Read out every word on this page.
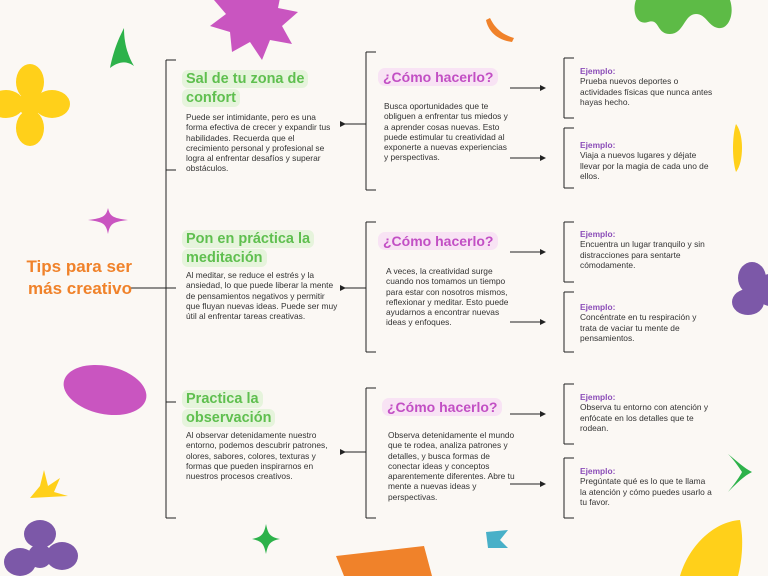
Tips para ser más creativo
Sal de tu zona de confort
Puede ser intimidante, pero es una forma efectiva de crecer y expandir tus habilidades. Recuerda que el crecimiento personal y profesional se logra al enfrentar desafíos y superar obstáculos.
Pon en práctica la meditación
Al meditar, se reduce el estrés y la ansiedad, lo que puede liberar la mente de pensamientos negativos y permitir que fluyan nuevas ideas. Puede ser muy útil al enfrentar tareas creativas.
Practica la observación
Al observar detenidamente nuestro entorno, podemos descubrir patrones, olores, sabores, colores, texturas y formas que pueden inspirarnos en nuestros procesos creativos.
¿Cómo hacerlo?
Busca oportunidades que te obliguen a enfrentar tus miedos y a aprender cosas nuevas. Esto puede estimular tu creatividad al exponerte a nuevas experiencias y perspectivas.
¿Cómo hacerlo?
A veces, la creatividad surge cuando nos tomamos un tiempo para estar con nosotros mismos, reflexionar y meditar. Esto puede ayudarnos a encontrar nuevas ideas y enfoques.
¿Cómo hacerlo?
Observa detenidamente el mundo que te rodea, analiza patrones y detalles, y busca formas de conectar ideas y conceptos aparentemente diferentes. Abre tu mente a nuevas ideas y perspectivas.
Ejemplo:
Prueba nuevos deportes o actividades físicas que nunca antes hayas hecho.
Ejemplo:
Viaja a nuevos lugares y déjate llevar por la magia de cada uno de ellos.
Ejemplo:
Encuentra un lugar tranquilo y sin distracciones para sentarte cómodamente.
Ejemplo:
Concéntrate en tu respiración y trata de vaciar tu mente de pensamientos.
Ejemplo:
Observa tu entorno con atención y enfócate en los detalles que te rodean.
Ejemplo:
Pregúntate qué es lo que te llama la atención y cómo puedes usarlo a tu favor.
